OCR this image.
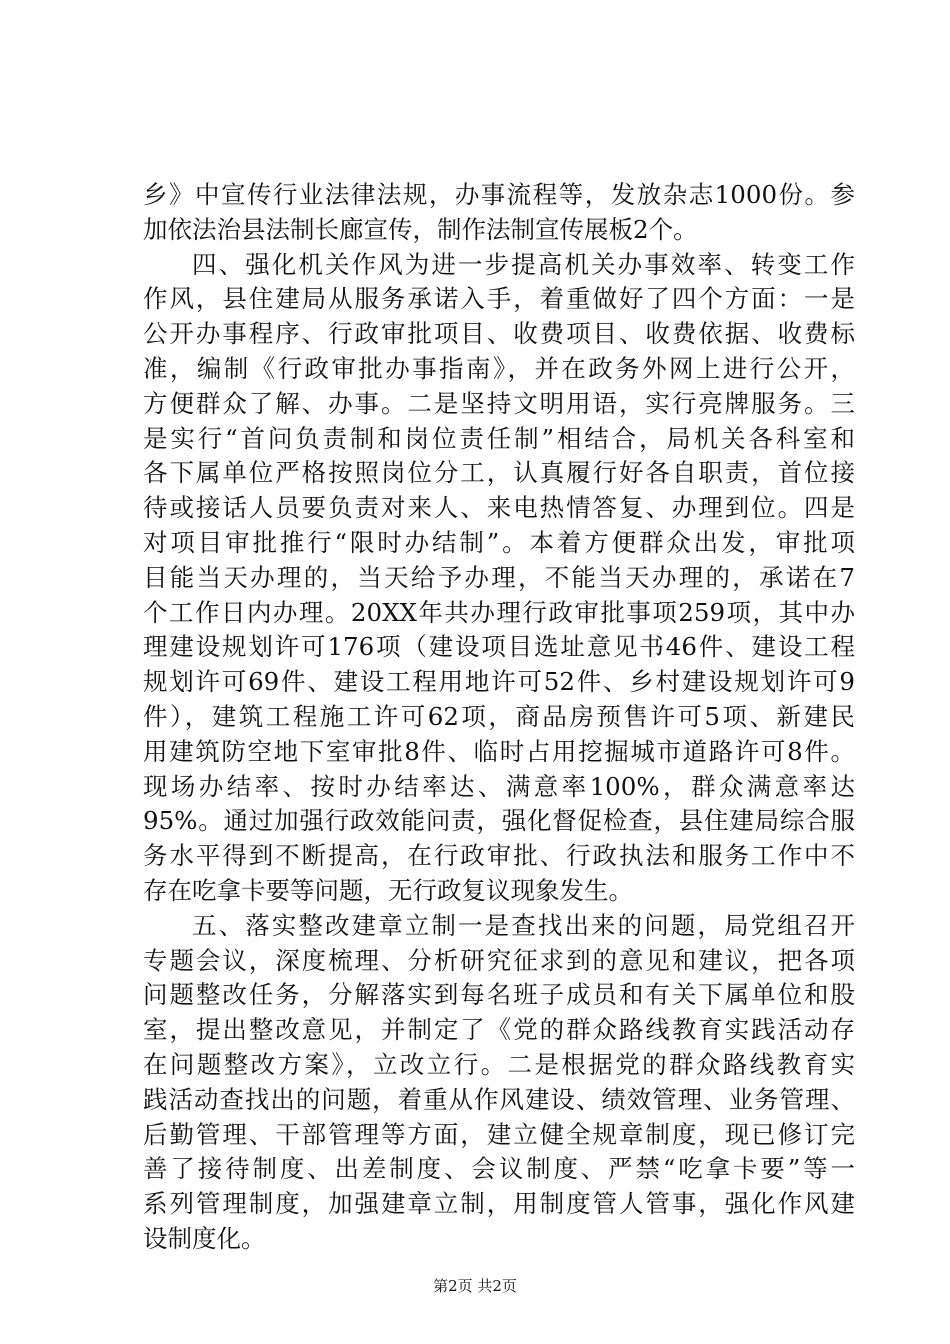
乡》中宣传行业法律法规，办事流程等，发放杂志1000份。参
加依法治县法制长廊宣传，制作法制宣传展板2个。
四、强化机关作风为进一步提高机关办事效率、转变工作
作风，县住建局从服务承诺入手，着重做好了四个方面：一是
公开办事程序、行政审批项目、收费项目、收费依据、收费标
准，编制《行政审批办事指南》，并在政务外网上进行公开，
方便群众了解、办事。二是坚持文明用语，实行亮牌服务。三
是实行“首问负责制和岗位责任制”相结合，局机关各科室和
各下属单位严格按照岗位分工，认真履行好各自职责，首位接
待或接话人员要负责对来人、来电热情答复、办理到位。四是
对项目审批推行“限时办结制”。本着方便群众出发，审批项
目能当天办理的，当天给予办理，不能当天办理的，承诺在7
个工作日内办理。20XX年共办理行政审批事项259项，其中办
理建设规划许可176项（建设项目选址意见书46件、建设工程
规划许可69件、建设工程用地许可52件、乡村建设规划许可9
件），建筑工程施工许可62项，商品房预售许可5项、新建民
用建筑防空地下室审批8件、临时占用挖掘城市道路许可8件。
现场办结率、按时办结率达、满意率100%，群众满意率达
95%。通过加强行政效能问责，强化督促检查，县住建局综合服
务水平得到不断提高，在行政审批、行政执法和服务工作中不
存在吃拿卡要等问题，无行政复议现象发生。
五、落实整改建章立制一是查找出来的问题，局党组召开
专题会议，深度梳理、分析研究征求到的意见和建议，把各项
问题整改任务，分解落实到每名班子成员和有关下属单位和股
室，提出整改意见，并制定了《党的群众路线教育实践活动存
在问题整改方案》，立改立行。二是根据党的群众路线教育实
践活动查找出的问题，着重从作风建设、绩效管理、业务管理、
后勤管理、干部管理等方面，建立健全规章制度，现已修订完
善了接待制度、出差制度、会议制度、严禁“吃拿卡要”等一
系列管理制度，加强建章立制，用制度管人管事，强化作风建
设制度化。
第2页 共2页
